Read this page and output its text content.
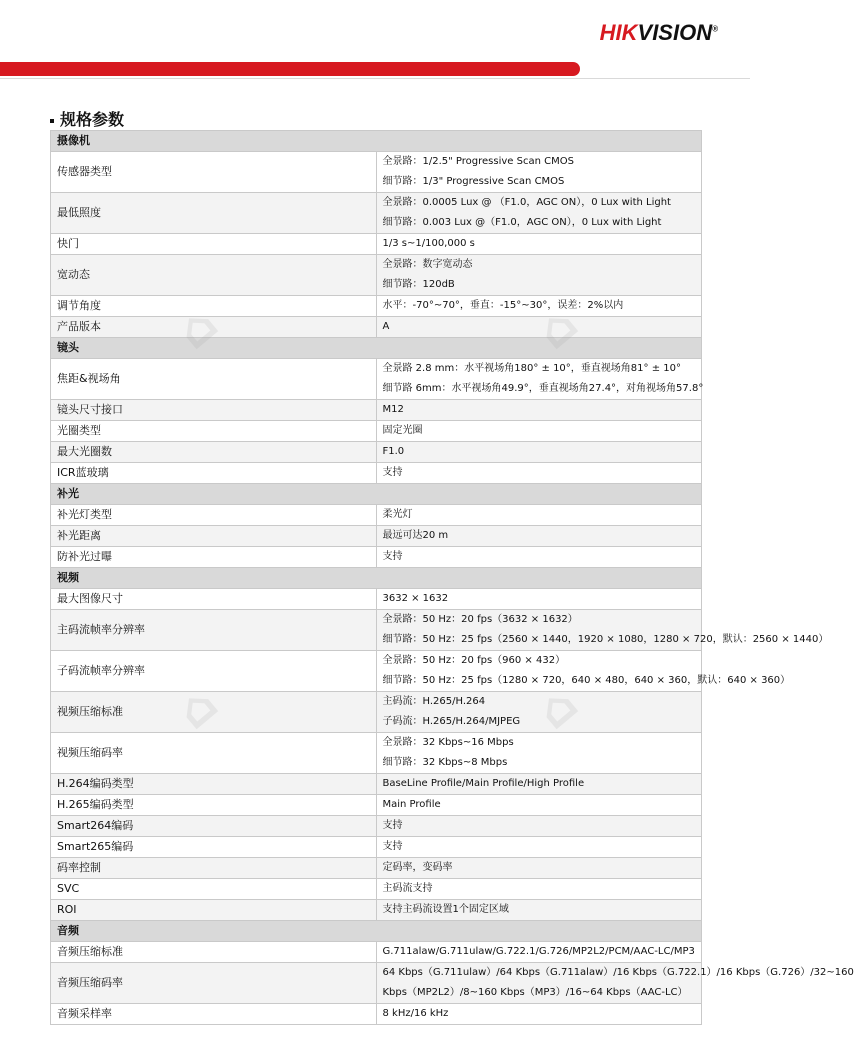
HIKVISION®
规格参数
摄像机	
传感器类型	全景路：1/2.5" Progressive Scan CMOS
细节路：1/3" Progressive Scan CMOS

最低照度	全景路：0.0005 Lux @ （F1.0，AGC ON），0 Lux with Light
细节路：0.003 Lux @（F1.0，AGC ON），0 Lux with Light

快门	1/3 s~1/100,000 s

宽动态	全景路：数字宽动态
细节路：120dB

调节角度	水平：-70°~70°，垂直：-15°~30°，误差：2%以内

产品版本	A

镜头	
焦距&视场角	全景路 2.8 mm：水平视场角180° ± 10°，垂直视场角81° ± 10°
细节路 6mm：水平视场角49.9°，垂直视场角27.4°，对角视场角57.8°

镜头尺寸接口	M12

光圈类型	固定光圈

最大光圈数	F1.0

ICR蓝玻璃	支持

补光	
补光灯类型	柔光灯

补光距离	最远可达20 m

防补光过曝	支持

视频	
最大图像尺寸	3632 × 1632

主码流帧率分辨率	全景路：50 Hz：20 fps（3632 × 1632）
细节路：50 Hz：25 fps（2560 × 1440，1920 × 1080，1280 × 720，默认：2560 × 1440）

子码流帧率分辨率	全景路：50 Hz：20 fps（960 × 432）
细节路：50 Hz：25 fps（1280 × 720，640 × 480，640 × 360，默认：640 × 360）

视频压缩标准	主码流：H.265/H.264
子码流：H.265/H.264/MJPEG

视频压缩码率	全景路：32 Kbps~16 Mbps
细节路：32 Kbps~8 Mbps

H.264编码类型	BaseLine Profile/Main Profile/High Profile

H.265编码类型	Main Profile

Smart264编码	支持

Smart265编码	支持

码率控制	定码率，变码率

SVC	主码流支持

ROI	支持主码流设置1个固定区域

音频	
音频压缩标准	G.711alaw/G.711ulaw/G.722.1/G.726/MP2L2/PCM/AAC-LC/MP3

音频压缩码率	64 Kbps（G.711ulaw）/64 Kbps（G.711alaw）/16 Kbps（G.722.1）/16 Kbps（G.726）/32~160
Kbps（MP2L2）/8~160 Kbps（MP3）/16~64 Kbps（AAC-LC）

音频采样率	8 kHz/16 kHz
